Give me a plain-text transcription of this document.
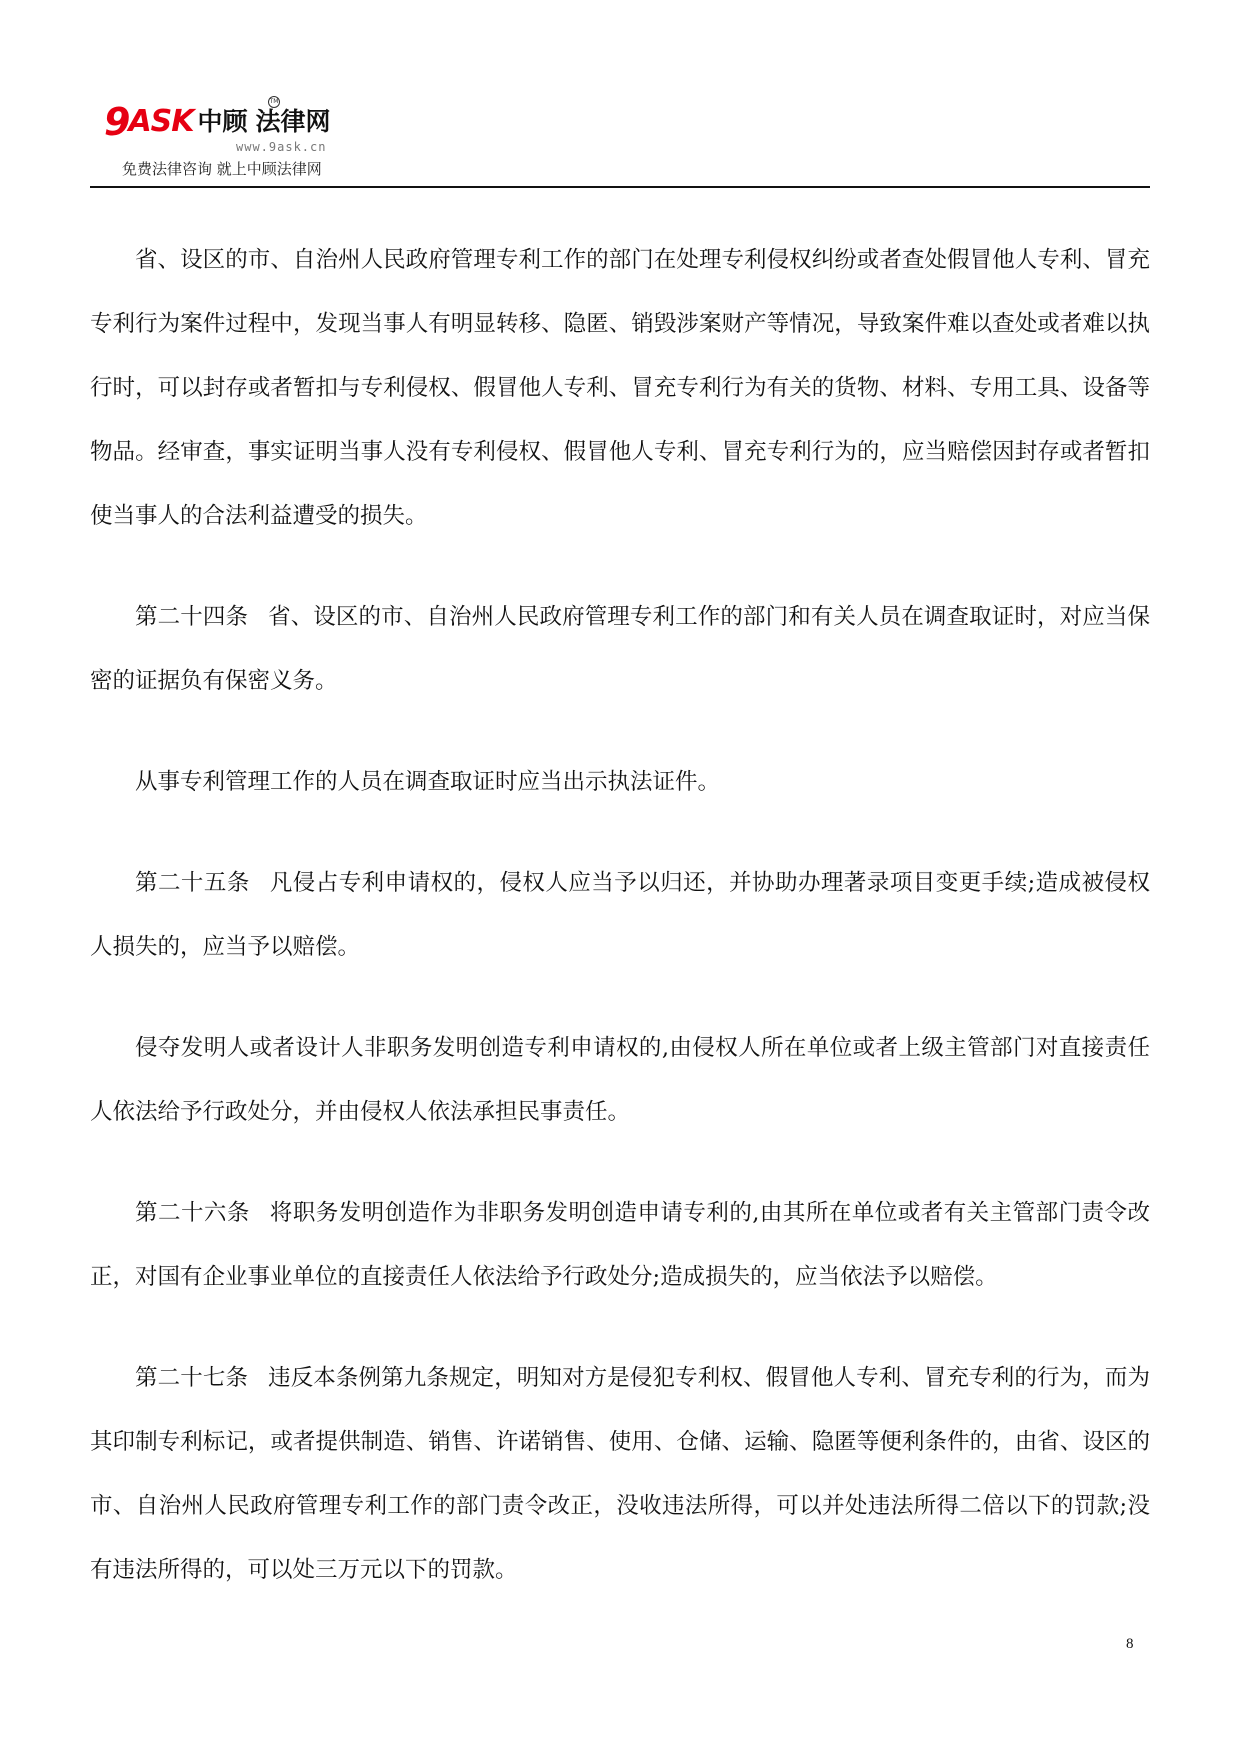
9 ASK 中顾 法律网
TM
www.9ask.cn
免费法律咨询 就上中顾法律网

省、设区的市、自治州人民政府管理专利工作的部门在处理专利侵权纠纷或者查处假冒他人专利、冒充专利行为案件过程中，发现当事人有明显转移、隐匿、销毁涉案财产等情况，导致案件难以查处或者难以执行时，可以封存或者暂扣与专利侵权、假冒他人专利、冒充专利行为有关的货物、材料、专用工具、设备等物品。经审查，事实证明当事人没有专利侵权、假冒他人专利、冒充专利行为的，应当赔偿因封存或者暂扣使当事人的合法利益遭受的损失。

第二十四条 省、设区的市、自治州人民政府管理专利工作的部门和有关人员在调查取证时，对应当保密的证据负有保密义务。

从事专利管理工作的人员在调查取证时应当出示执法证件。

第二十五条 凡侵占专利申请权的，侵权人应当予以归还，并协助办理著录项目变更手续;造成被侵权人损失的，应当予以赔偿。

侵夺发明人或者设计人非职务发明创造专利申请权的,由侵权人所在单位或者上级主管部门对直接责任人依法给予行政处分，并由侵权人依法承担民事责任。

第二十六条 将职务发明创造作为非职务发明创造申请专利的,由其所在单位或者有关主管部门责令改正，对国有企业事业单位的直接责任人依法给予行政处分;造成损失的，应当依法予以赔偿。

第二十七条 违反本条例第九条规定，明知对方是侵犯专利权、假冒他人专利、冒充专利的行为，而为其印制专利标记，或者提供制造、销售、许诺销售、使用、仓储、运输、隐匿等便利条件的，由省、设区的市、自治州人民政府管理专利工作的部门责令改正，没收违法所得，可以并处违法所得二倍以下的罚款;没有违法所得的，可以处三万元以下的罚款。

8
